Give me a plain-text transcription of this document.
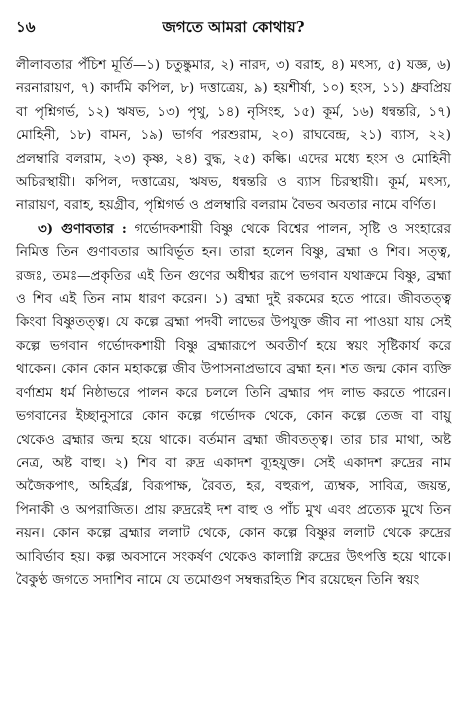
১৬	জগতে আমরা কোথায়?

লীলাবতার পঁচিশ মূর্তি—১) চতুষ্কুমার, ২) নারদ, ৩) বরাহ, ৪) মৎস্য, ৫) যজ্ঞ, ৬) নরনারায়ণ, ৭) কার্দমি কপিল, ৮) দত্তাত্রেয়, ৯) হয়শীর্ষা, ১০) হংস, ১১) ধ্রুবপ্রিয় বা পৃশ্নিগর্ভ, ১২) ঋষভ, ১৩) পৃথু, ১৪) নৃসিংহ, ১৫) কূর্ম, ১৬) ধন্বন্তরি, ১৭) মোহিনী, ১৮) বামন, ১৯) ভার্গব পরশুরাম, ২০) রাঘবেন্দ্র, ২১) ব্যাস, ২২) প্রলম্বারি বলরাম, ২৩) কৃষ্ণ, ২৪) বুদ্ধ, ২৫) কল্কি। এদের মধ্যে হংস ও মোহিনী অচিরস্থায়ী। কপিল, দত্তাত্রেয়, ঋষভ, ধন্বন্তরি ও ব্যাস চিরস্থায়ী। কূর্ম, মৎস্য, নারায়ণ, বরাহ, হয়গ্রীব, পৃশ্নিগর্ভ ও প্রলম্বারি বলরাম বৈভব অবতার নামে বর্ণিত।

৩) গুণাবতার : গর্ভোদকশায়ী বিষ্ণু থেকে বিশ্বের পালন, সৃষ্টি ও সংহারের নিমিত্ত তিন গুণাবতার আবির্ভূত হন। তারা হলেন বিষ্ণু, ব্রহ্মা ও শিব। সত্ত্ব, রজঃ, তমঃ—প্রকৃতির এই তিন গুণের অধীশ্বর রূপে ভগবান যথাক্রমে বিষ্ণু, ব্রহ্মা ও শিব এই তিন নাম ধারণ করেন। ১) ব্রহ্মা দুই রকমের হতে পারে। জীবতত্ত্ব কিংবা বিষ্ণুতত্ত্ব। যে কল্পে ব্রহ্মা পদবী লাভের উপযুক্ত জীব না পাওয়া যায় সেই কল্পে ভগবান গর্ভোদকশায়ী বিষ্ণু ব্রহ্মারূপে অবতীর্ণ হয়ে স্বয়ং সৃষ্টিকার্য করে থাকেন। কোন কোন মহাকল্পে জীব উপাসনাপ্রভাবে ব্রহ্মা হন। শত জন্ম কোন ব্যক্তি বর্ণাশ্রম ধর্ম নিষ্ঠাভরে পালন করে চললে তিনি ব্রহ্মার পদ লাভ করতে পারেন। ভগবানের ইচ্ছানুসারে কোন কল্পে গর্ভোদক থেকে, কোন কল্পে তেজ বা বায়ু থেকেও ব্রহ্মার জন্ম হয়ে থাকে। বর্তমান ব্রহ্মা জীবতত্ত্ব। তার চার মাথা, অষ্ট নেত্র, অষ্ট বাহু। ২) শিব বা রুদ্র একাদশ ব্যূহযুক্ত। সেই একাদশ রুদ্রের নাম অজৈকপাৎ, অহির্ব্রধ্ন, বিরূপাক্ষ, রৈবত, হর, বহুরূপ, ত্র্যম্বক, সাবিত্র, জয়ন্ত, পিনাকী ও অপরাজিত। প্রায় রুদ্ররেই দশ বাহু ও পাঁচ মুখ এবং প্রত্যেক মুখে তিন নয়ন। কোন কল্পে ব্রহ্মার ললাট থেকে, কোন কল্পে বিষ্ণুর ললাট থেকে রুদ্রের আবির্ভাব হয়। কল্প অবসানে সংকর্ষণ থেকেও কালাগ্নি রুদ্রের উৎপত্তি হয়ে থাকে। বৈকুণ্ঠ জগতে সদাশিব নামে যে তমোগুণ সম্বন্ধরহিত শিব রয়েছেন তিনি স্বয়ং
